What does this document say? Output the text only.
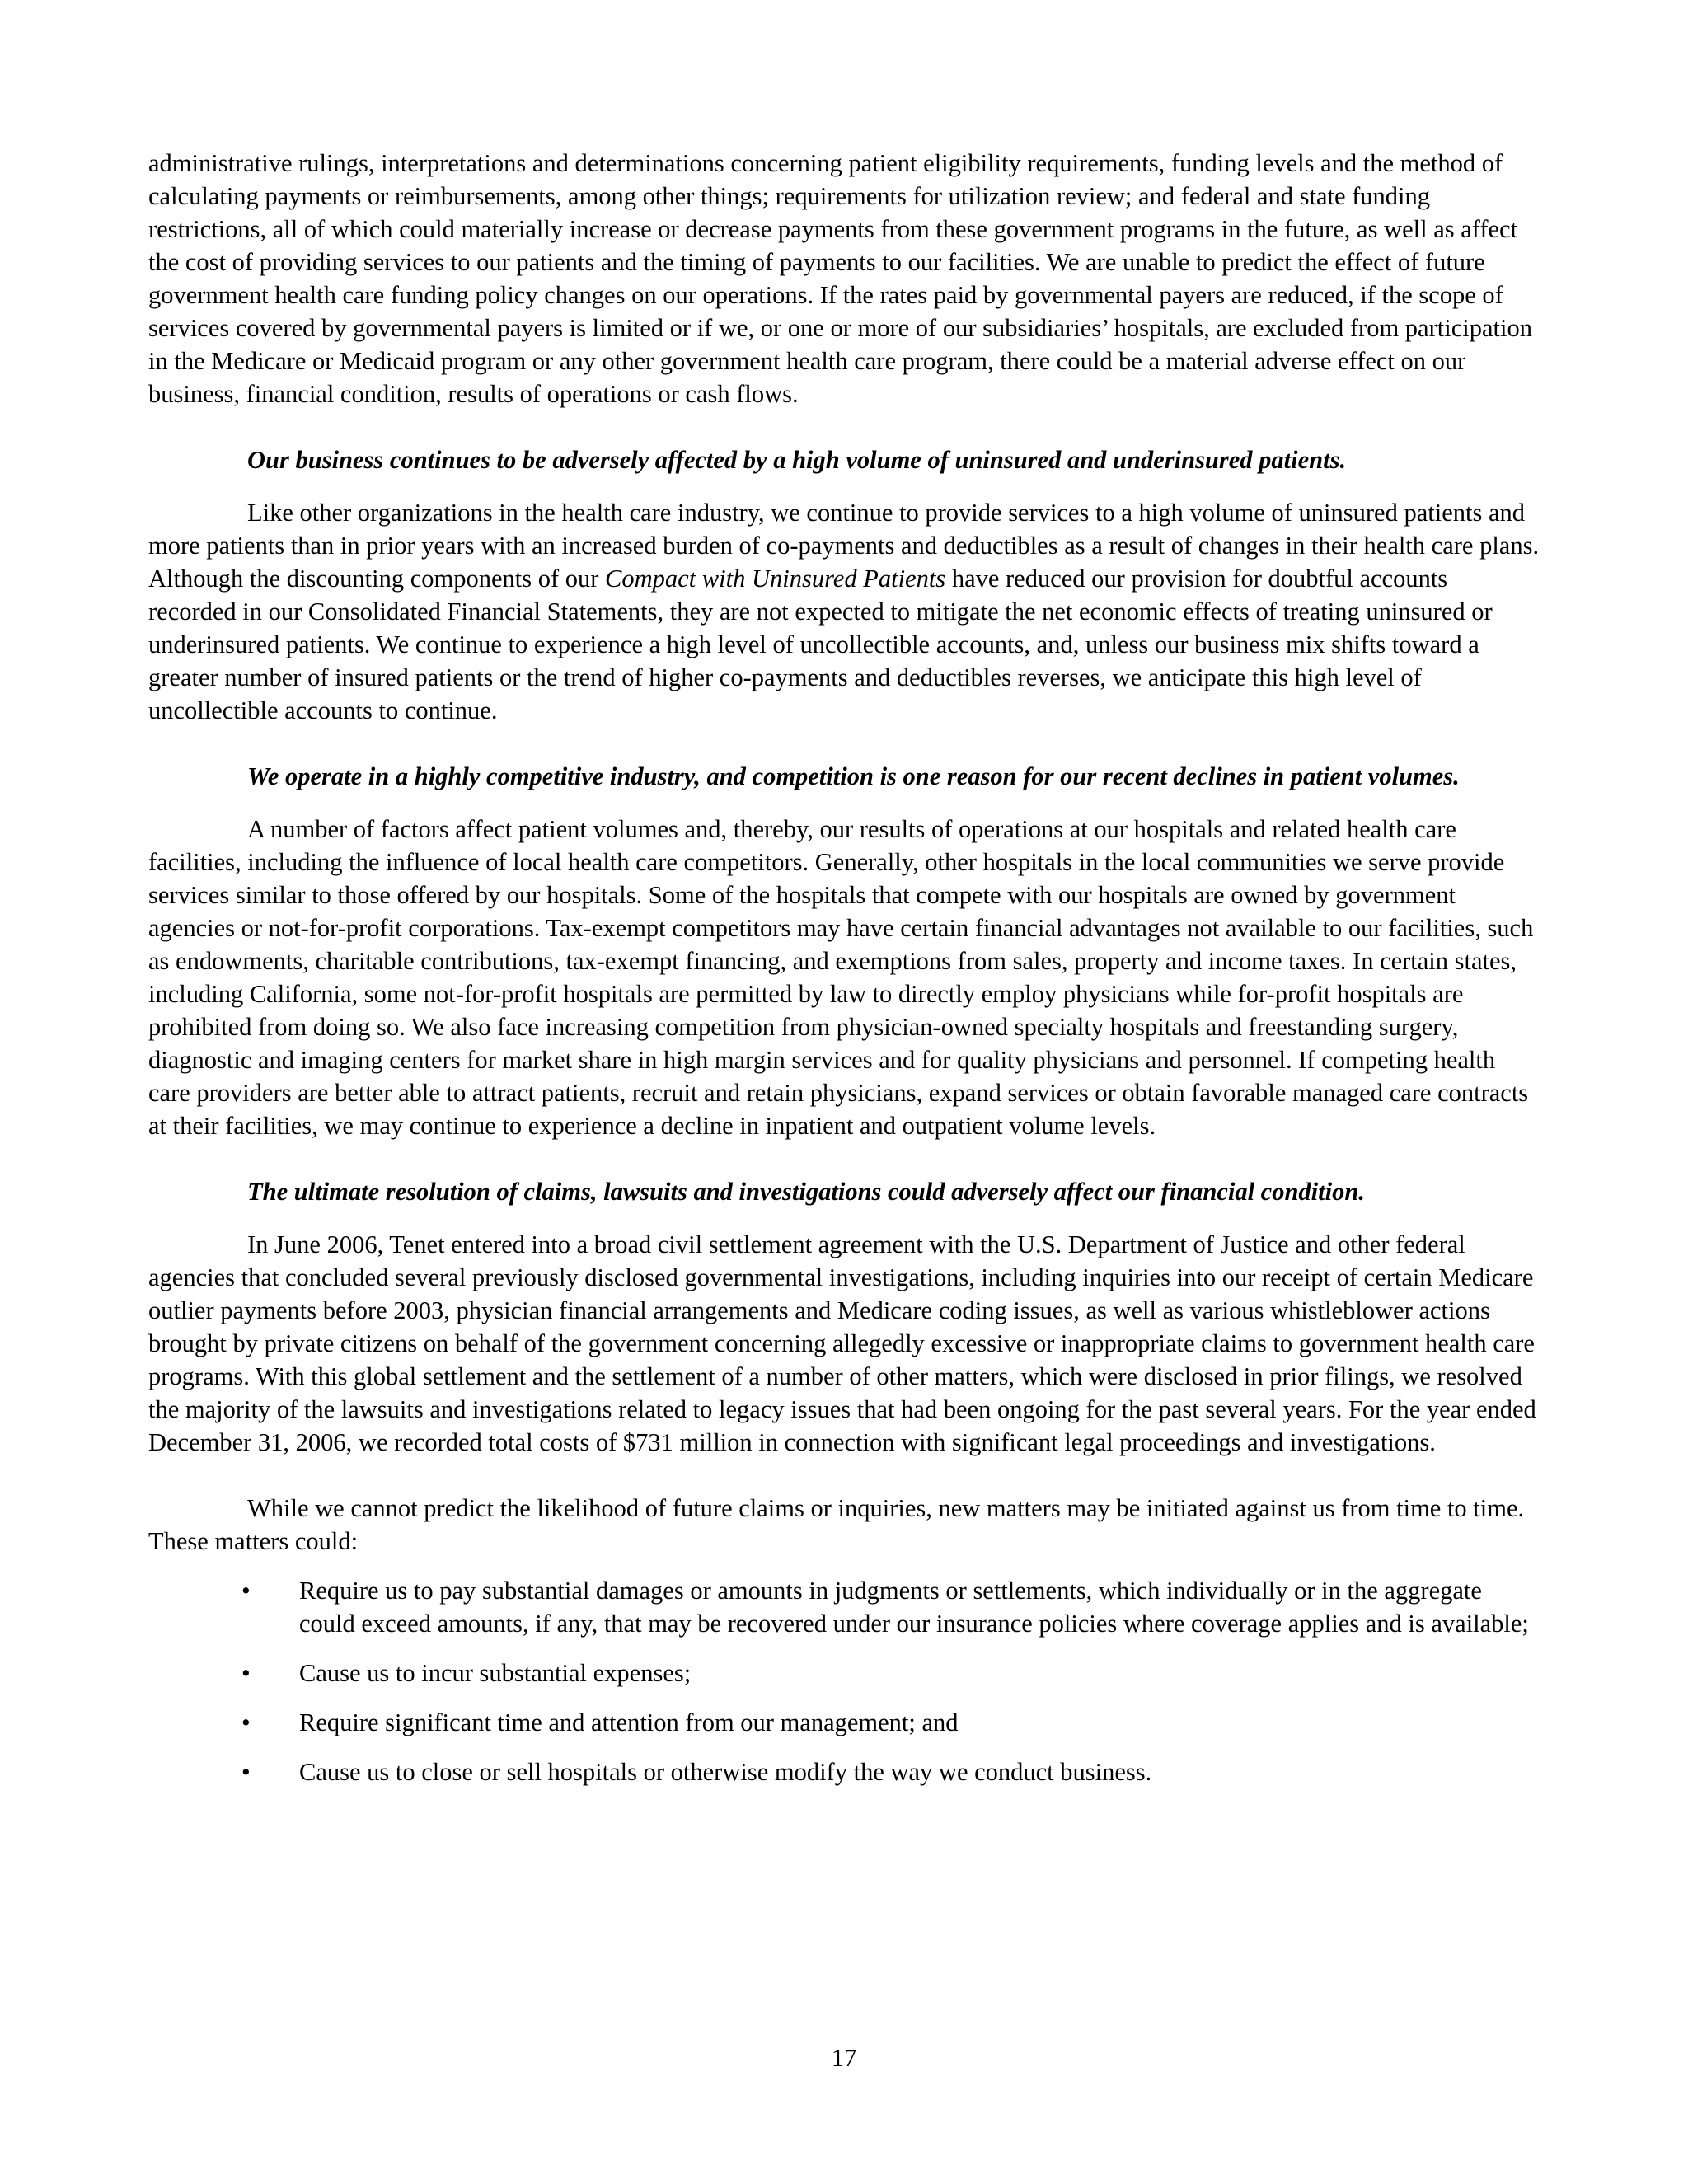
administrative rulings, interpretations and determinations concerning patient eligibility requirements, funding levels and the method of calculating payments or reimbursements, among other things; requirements for utilization review; and federal and state funding restrictions, all of which could materially increase or decrease payments from these government programs in the future, as well as affect the cost of providing services to our patients and the timing of payments to our facilities. We are unable to predict the effect of future government health care funding policy changes on our operations. If the rates paid by governmental payers are reduced, if the scope of services covered by governmental payers is limited or if we, or one or more of our subsidiaries’ hospitals, are excluded from participation in the Medicare or Medicaid program or any other government health care program, there could be a material adverse effect on our business, financial condition, results of operations or cash flows.

Our business continues to be adversely affected by a high volume of uninsured and underinsured patients.

Like other organizations in the health care industry, we continue to provide services to a high volume of uninsured patients and more patients than in prior years with an increased burden of co-payments and deductibles as a result of changes in their health care plans. Although the discounting components of our Compact with Uninsured Patients have reduced our provision for doubtful accounts recorded in our Consolidated Financial Statements, they are not expected to mitigate the net economic effects of treating uninsured or underinsured patients. We continue to experience a high level of uncollectible accounts, and, unless our business mix shifts toward a greater number of insured patients or the trend of higher co-payments and deductibles reverses, we anticipate this high level of uncollectible accounts to continue.

We operate in a highly competitive industry, and competition is one reason for our recent declines in patient volumes.

A number of factors affect patient volumes and, thereby, our results of operations at our hospitals and related health care facilities, including the influence of local health care competitors. Generally, other hospitals in the local communities we serve provide services similar to those offered by our hospitals. Some of the hospitals that compete with our hospitals are owned by government agencies or not-for-profit corporations. Tax-exempt competitors may have certain financial advantages not available to our facilities, such as endowments, charitable contributions, tax-exempt financing, and exemptions from sales, property and income taxes. In certain states, including California, some not-for-profit hospitals are permitted by law to directly employ physicians while for-profit hospitals are prohibited from doing so. We also face increasing competition from physician-owned specialty hospitals and freestanding surgery, diagnostic and imaging centers for market share in high margin services and for quality physicians and personnel. If competing health care providers are better able to attract patients, recruit and retain physicians, expand services or obtain favorable managed care contracts at their facilities, we may continue to experience a decline in inpatient and outpatient volume levels.

The ultimate resolution of claims, lawsuits and investigations could adversely affect our financial condition.

In June 2006, Tenet entered into a broad civil settlement agreement with the U.S. Department of Justice and other federal agencies that concluded several previously disclosed governmental investigations, including inquiries into our receipt of certain Medicare outlier payments before 2003, physician financial arrangements and Medicare coding issues, as well as various whistleblower actions brought by private citizens on behalf of the government concerning allegedly excessive or inappropriate claims to government health care programs. With this global settlement and the settlement of a number of other matters, which were disclosed in prior filings, we resolved the majority of the lawsuits and investigations related to legacy issues that had been ongoing for the past several years. For the year ended December 31, 2006, we recorded total costs of $731 million in connection with significant legal proceedings and investigations.

While we cannot predict the likelihood of future claims or inquiries, new matters may be initiated against us from time to time. These matters could:

• Require us to pay substantial damages or amounts in judgments or settlements, which individually or in the aggregate could exceed amounts, if any, that may be recovered under our insurance policies where coverage applies and is available;
• Cause us to incur substantial expenses;
• Require significant time and attention from our management; and
• Cause us to close or sell hospitals or otherwise modify the way we conduct business.
17
